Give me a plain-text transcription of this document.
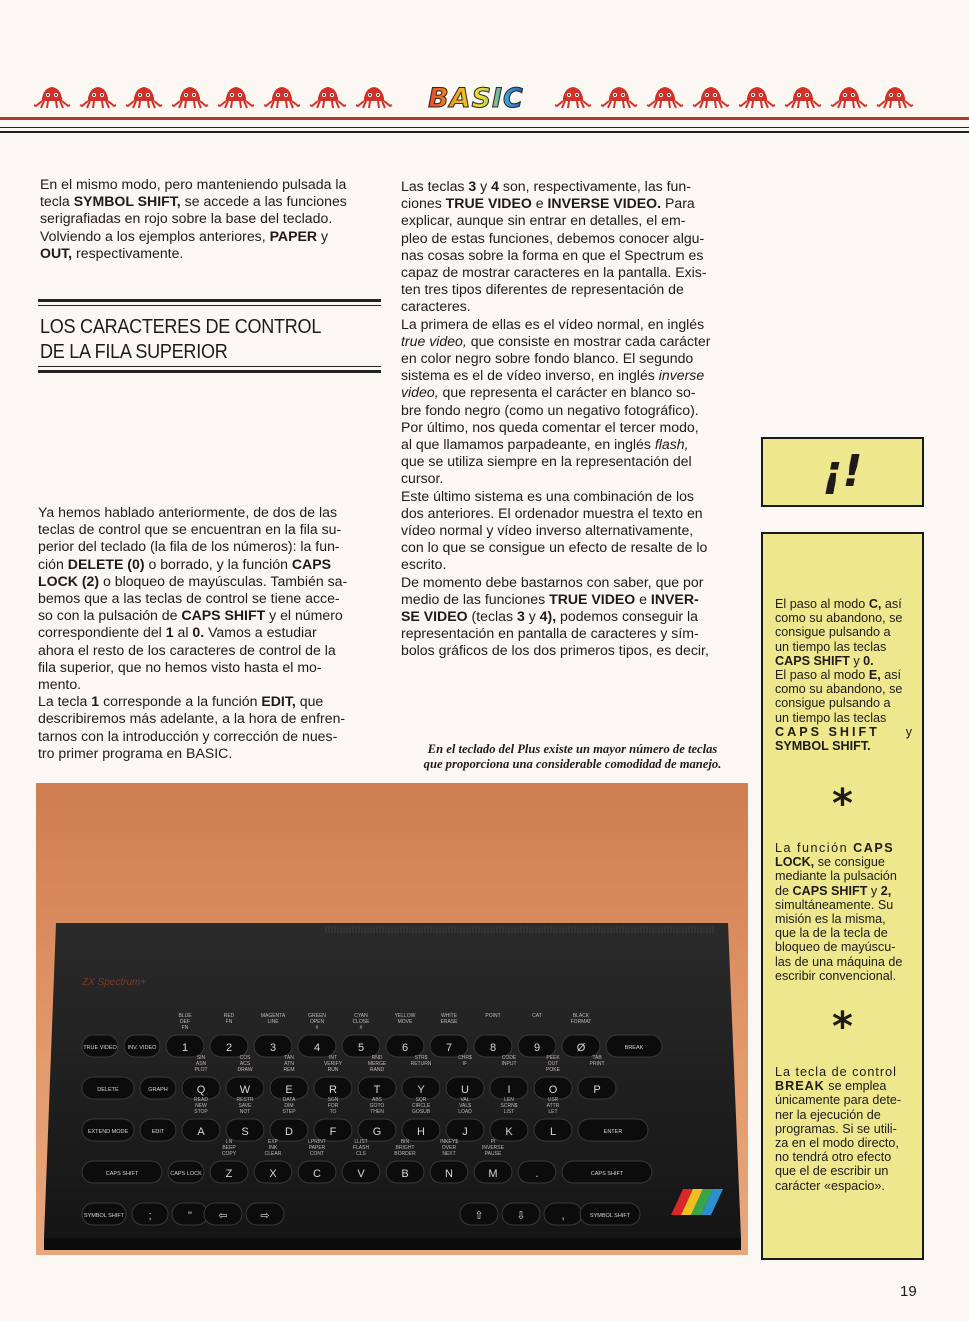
BASIC

En el mismo modo, pero manteniendo pulsada la

tecla SYMBOL SHIFT, se accede a las funciones

serigrafiadas en rojo sobre la base del teclado.

Volviendo a los ejemplos anteriores, PAPER y

OUT, respectivamente.

LOS CARACTERES DE CONTROL
DE LA FILA SUPERIOR

Ya hemos hablado anteriormente, de dos de las

teclas de control que se encuentran en la fila su-

perior del teclado (la fila de los números): la fun-

ción DELETE (0) o borrado, y la función CAPS

LOCK (2) o bloqueo de mayúsculas. También sa-

bemos que a las teclas de control se tiene acce-

so con la pulsación de CAPS SHIFT y el número

correspondiente del 1 al 0. Vamos a estudiar

ahora el resto de los caracteres de control de la

fila superior, que no hemos visto hasta el mo-

mento.

La tecla 1 corresponde a la función EDIT, que

describiremos más adelante, a la hora de enfren-

tarnos con la introducción y corrección de nues-

tro primer programa en BASIC.

Las teclas 3 y 4 son, respectivamente, las fun-

ciones TRUE VIDEO e INVERSE VIDEO. Para

explicar, aunque sin entrar en detalles, el em-

pleo de estas funciones, debemos conocer algu-

nas cosas sobre la forma en que el Spectrum es

capaz de mostrar caracteres en la pantalla. Exis-

ten tres tipos diferentes de representación de

caracteres.

La primera de ellas es el vídeo normal, en inglés

true video, que consiste en mostrar cada carácter

en color negro sobre fondo blanco. El segundo

sistema es el de vídeo inverso, en inglés inverse

video, que representa el carácter en blanco so-

bre fondo negro (como un negativo fotográfico).

Por último, nos queda comentar el tercer modo,

al que llamamos parpadeante, en inglés flash,

que se utiliza siempre en la representación del

cursor.

Este último sistema es una combinación de los

dos anteriores. El ordenador muestra el texto en

vídeo normal y vídeo inverso alternativamente,

con lo que se consigue un efecto de resalte de lo

escrito.

De momento debe bastarnos con saber, que por

medio de las funciones TRUE VIDEO e INVER-

SE VIDEO (teclas 3 y 4), podemos conseguir la

representación en pantalla de caracteres y sím-

bolos gráficos de los dos primeros tipos, es decir,

En el teclado del Plus existe un mayor número de teclas
que proporciona una considerable comodidad de manejo.
ZX Spectrum+
TRUE VIDEO INV. VIDEO 1
BLUE
DEF
FN
2
RED
FN
3
MAGENTA
LINE
4
GREEN
OPEN
#
5
CYAN
CLOSE
#
6
YELLOW
MOVE
7
WHITE
ERASE
8
POINT
9
CAT
Ø
BLACK
FORMAT
BREAK
DELETE	GRAPH	Q
SIN
ASN
PLOT
W
COS
ACS
DRAW
E
TAN
ATN
REM
R
INT
VERIFY
RUN
T
RND
MERGE
RAND
Y
STR$
RETURN
U
CHR$
IF
I
CODE
INPUT
O
PEEK
OUT
POKE
P
TAB
PRINT
EXTEND MODE	EDIT	A
READ
NEW
STOP
S
RESTR
SAVE
NOT
D
DATA
DIM
STEP
F
SGN
FOR
TO
G
ABS
GOTO
THEN
H
SQR
CIRCLE
GOSUB
J
VAL
VAL$
LOAD
K
LEN
SCRN$
LIST
L
USR
ATTR
LET
ENTER
CAPS SHIFT	CAPS LOCK Z
LN
BEEP
COPY
X
EXP
INK
CLEAR
C
LPRINT
PAPER
CONT
V
LLIST
FLASH
CLS
B
BIN
BRIGHT
BORDER
N
INKEY$
OVER
NEXT
M
PI
INVERSE
PAUSE
.	CAPS SHIFT
SYMBOL SHIFT ;	" ⇦	⇨	⇧	⇩	,	SYMBOL SHIFT
¡!

El paso al modo C, así

como su abandono, se

consigue pulsando a

un tiempo las teclas

CAPS SHIFT y 0.

El paso al modo E, así

como su abandono, se

consigue pulsando a

un tiempo las teclas

CAPS SHIFT y

SYMBOL SHIFT.

*

La función CAPS

LOCK, se consigue

mediante la pulsación

de CAPS SHIFT y 2,

simultáneamente. Su

misión es la misma,

que la de la tecla de

bloqueo de mayúscu-

las de una máquina de

escribir convencional.

*

La tecla de control

BREAK se emplea

únicamente para dete-

ner la ejecución de

programas. Si se utili-

za en el modo directo,

no tendrá otro efecto

que el de escribir un

carácter «espacio».

19
